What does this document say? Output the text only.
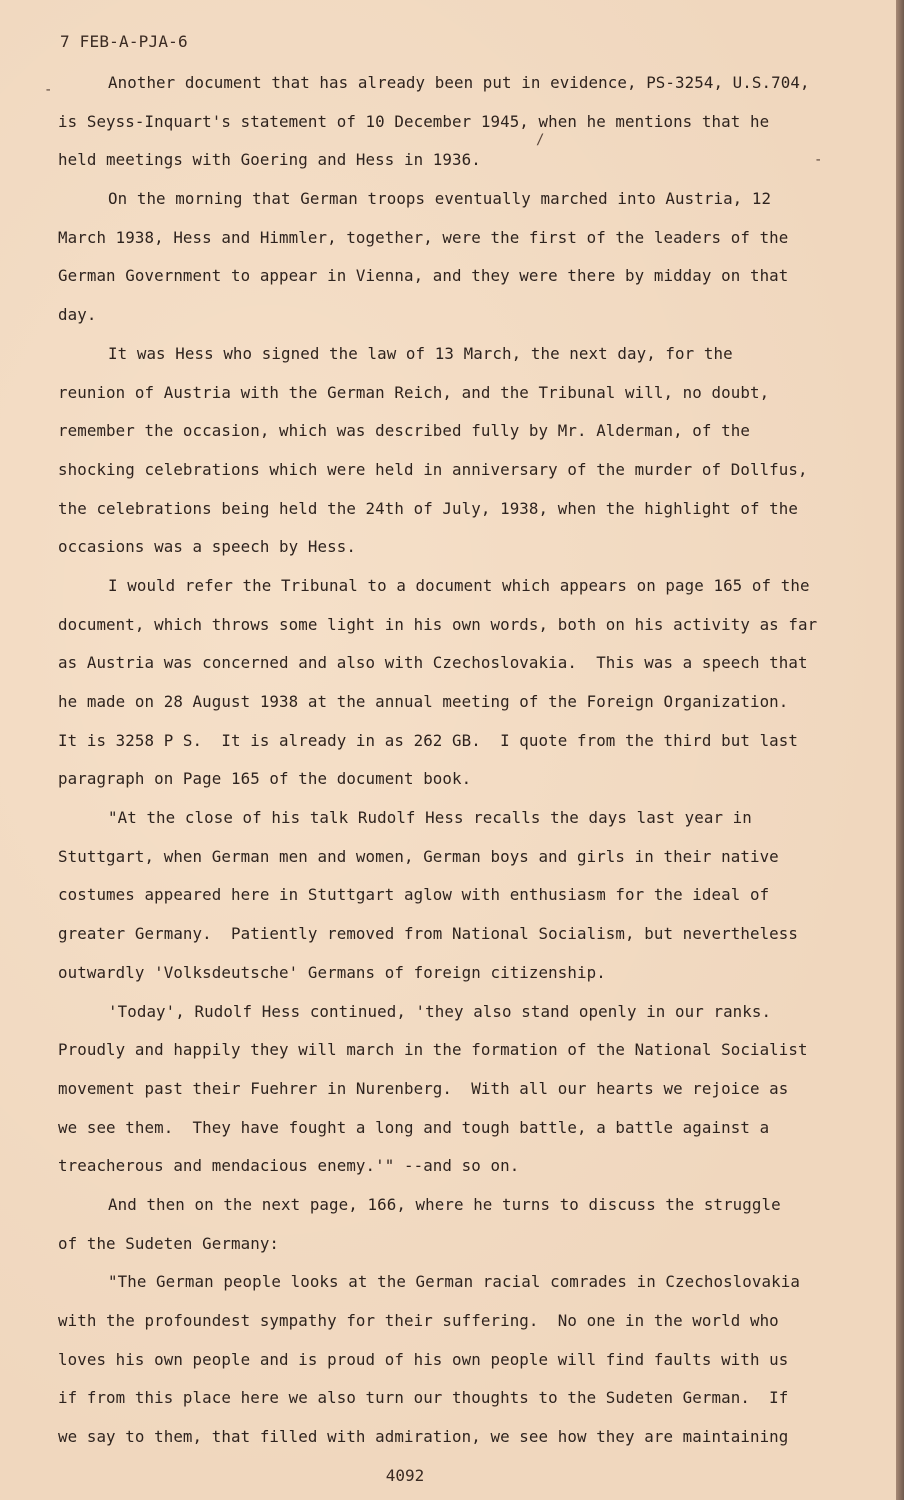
7 FEB-A-PJA-6
Another document that has already been put in evidence, PS-3254, U.S.704,
is Seyss-Inquart's statement of 10 December 1945, when he mentions that he
held meetings with Goering and Hess in 1936.
On the morning that German troops eventually marched into Austria, 12
March 1938, Hess and Himmler, together, were the first of the leaders of the
German Government to appear in Vienna, and they were there by midday on that
day.
It was Hess who signed the law of 13 March, the next day, for the
reunion of Austria with the German Reich, and the Tribunal will, no doubt,
remember the occasion, which was described fully by Mr. Alderman, of the
shocking celebrations which were held in anniversary of the murder of Dollfus,
the celebrations being held the 24th of July, 1938, when the highlight of the
occasions was a speech by Hess.
I would refer the Tribunal to a document which appears on page 165 of the
document, which throws some light in his own words, both on his activity as far
as Austria was concerned and also with Czechoslovakia.  This was a speech that
he made on 28 August 1938 at the annual meeting of the Foreign Organization.
It is 3258 P S.  It is already in as 262 GB.  I quote from the third but last
paragraph on Page 165 of the document book.
"At the close of his talk Rudolf Hess recalls the days last year in
Stuttgart, when German men and women, German boys and girls in their native
costumes appeared here in Stuttgart aglow with enthusiasm for the ideal of
greater Germany.  Patiently removed from National Socialism, but nevertheless
outwardly 'Volksdeutsche' Germans of foreign citizenship.
'Today', Rudolf Hess continued, 'they also stand openly in our ranks.
Proudly and happily they will march in the formation of the National Socialist
movement past their Fuehrer in Nurenberg.  With all our hearts we rejoice as
we see them.  They have fought a long and tough battle, a battle against a
treacherous and mendacious enemy.'" --and so on.
And then on the next page, 166, where he turns to discuss the struggle
of the Sudeten Germany:
"The German people looks at the German racial comrades in Czechoslovakia
with the profoundest sympathy for their suffering.  No one in the world who
loves his own people and is proud of his own people will find faults with us
if from this place here we also turn our thoughts to the Sudeten German.  If
we say to them, that filled with admiration, we see how they are maintaining
-
-
/
4092
